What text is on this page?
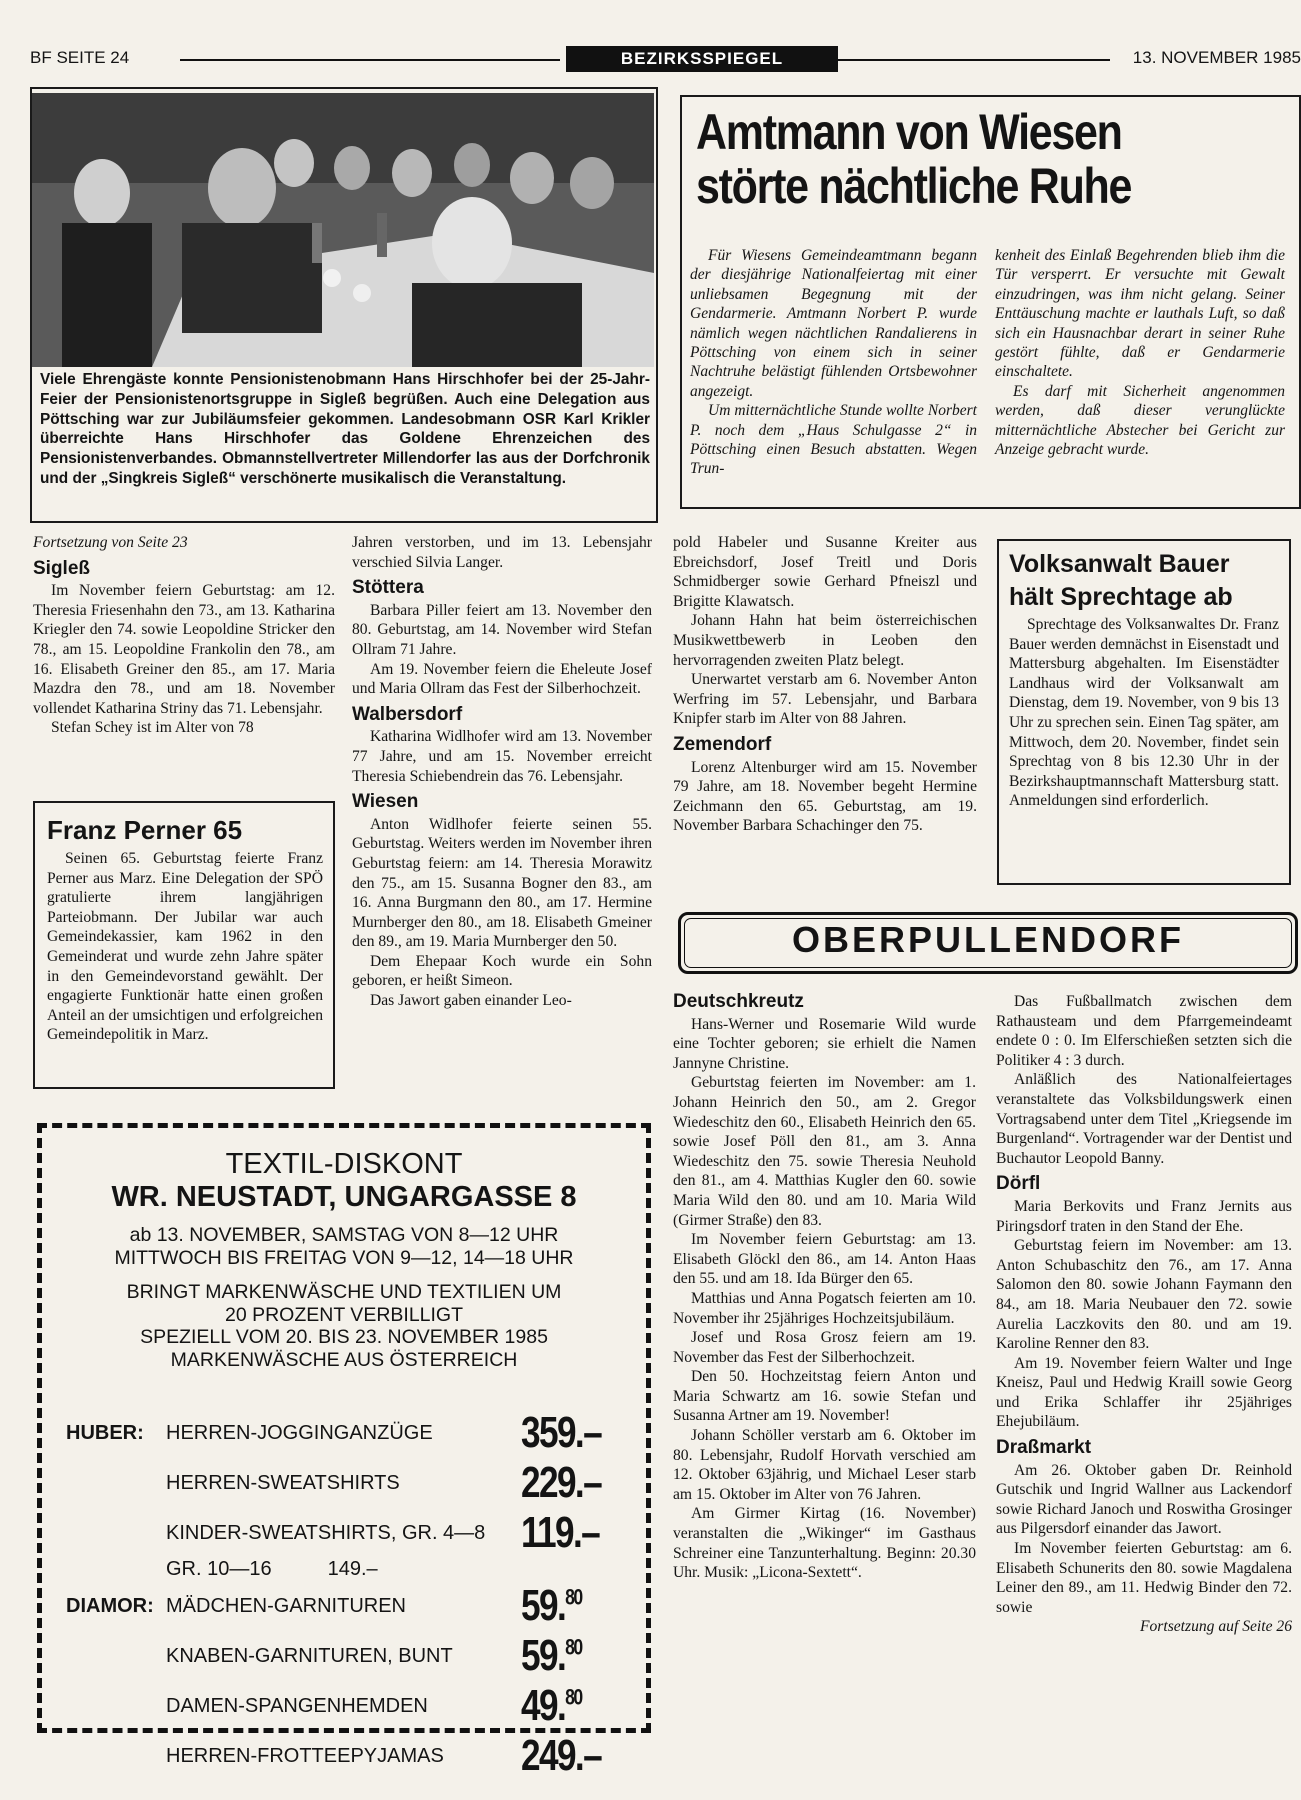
BF SEITE 24	BEZIRKSSPIEGEL	13. NOVEMBER 1985
Viele Ehrengäste konnte Pensionistenobmann Hans Hirschhofer bei der 25-Jahr-Feier der Pensionistenortsgruppe in Sigleß begrüßen. Auch eine Delegation aus Pöttsching war zur Jubiläumsfeier gekommen. Landesobmann OSR Karl Krikler überreichte Hans Hirschhofer das Goldene Ehrenzeichen des Pensionistenverbandes. Obmannstellvertreter Millendorfer las aus der Dorfchronik und der „Singkreis Sigleß“ verschönerte musikalisch die Veranstaltung.
Amtmann von Wiesen
störte nächtliche Ruhe

Für Wiesens Gemeindeamtmann begann der diesjährige Nationalfeiertag mit einer unliebsamen Begegnung mit der Gendarmerie. Amtmann Norbert P. wurde nämlich wegen nächtlichen Randalierens in Pöttsching von einem sich in seiner Nachtruhe belästigt fühlenden Ortsbewohner angezeigt.

Um mitternächtliche Stunde wollte Norbert P. noch dem „Haus Schulgasse 2“ in Pöttsching einen Besuch abstatten. Wegen Trun-

kenheit des Einlaß Begehrenden blieb ihm die Tür versperrt. Er versuchte mit Gewalt einzudringen, was ihm nicht gelang. Seiner Enttäuschung machte er lauthals Luft, so daß sich ein Hausnachbar derart in seiner Ruhe gestört fühlte, daß er Gendarmerie einschaltete.

Es darf mit Sicherheit angenommen werden, daß dieser verunglückte mitternächtliche Abstecher bei Gericht zur Anzeige gebracht wurde.

Fortsetzung von Seite 23

Sigleß

Im November feiern Geburtstag: am 12. Theresia Friesenhahn den 73., am 13. Katharina Kriegler den 74. sowie Leopoldine Stricker den 78., am 15. Leopoldine Frankolin den 78., am 16. Elisabeth Greiner den 85., am 17. Maria Mazdra den 78., und am 18. November vollendet Katharina Striny das 71. Lebensjahr.

Stefan Schey ist im Alter von 78

Franz Perner 65

Seinen 65. Geburtstag feierte Franz Perner aus Marz. Eine Delegation der SPÖ gratulierte ihrem langjährigen Parteiobmann. Der Jubilar war auch Gemeindekassier, kam 1962 in den Gemeinderat und wurde zehn Jahre später in den Gemeindevorstand gewählt. Der engagierte Funktionär hatte einen großen Anteil an der umsichtigen und erfolgreichen Gemeindepolitik in Marz.

Jahren verstorben, und im 13. Lebensjahr verschied Silvia Langer.

Stöttera

Barbara Piller feiert am 13. November den 80. Geburtstag, am 14. November wird Stefan Ollram 71 Jahre.

Am 19. November feiern die Eheleute Josef und Maria Ollram das Fest der Silberhochzeit.

Walbersdorf

Katharina Widlhofer wird am 13. November 77 Jahre, und am 15. November erreicht Theresia Schiebendrein das 76. Lebensjahr.

Wiesen

Anton Widlhofer feierte seinen 55. Geburtstag. Weiters werden im November ihren Geburtstag feiern: am 14. Theresia Morawitz den 75., am 15. Susanna Bogner den 83., am 16. Anna Burgmann den 80., am 17. Hermine Murnberger den 80., am 18. Elisabeth Gmeiner den 89., am 19. Maria Murnberger den 50.

Dem Ehepaar Koch wurde ein Sohn geboren, er heißt Simeon.

Das Jawort gaben einander Leo-

pold Habeler und Susanne Kreiter aus Ebreichsdorf, Josef Treitl und Doris Schmidberger sowie Gerhard Pfneiszl und Brigitte Klawatsch.

Johann Hahn hat beim österreichischen Musikwettbewerb in Leoben den hervorragenden zweiten Platz belegt.

Unerwartet verstarb am 6. November Anton Werfring im 57. Lebensjahr, und Barbara Knipfer starb im Alter von 88 Jahren.

Zemendorf

Lorenz Altenburger wird am 15. November 79 Jahre, am 18. November begeht Hermine Zeichmann den 65. Geburtstag, am 19. November Barbara Schachinger den 75.

Volksanwalt Bauer
hält Sprechtage ab

Sprechtage des Volksanwaltes Dr. Franz Bauer werden demnächst in Eisenstadt und Mattersburg abgehalten. Im Eisenstädter Landhaus wird der Volksanwalt am Dienstag, dem 19. November, von 9 bis 13 Uhr zu sprechen sein. Einen Tag später, am Mittwoch, dem 20. November, findet sein Sprechtag von 8 bis 12.30 Uhr in der Bezirkshauptmannschaft Mattersburg statt. Anmeldungen sind erforderlich.

OBERPULLENDORF
Deutschkreutz

Hans-Werner und Rosemarie Wild wurde eine Tochter geboren; sie erhielt die Namen Jannyne Christine.

Geburtstag feierten im November: am 1. Johann Heinrich den 50., am 2. Gregor Wiedeschitz den 60., Elisabeth Heinrich den 65. sowie Josef Pöll den 81., am 3. Anna Wiedeschitz den 75. sowie Theresia Neuhold den 81., am 4. Matthias Kugler den 60. sowie Maria Wild den 80. und am 10. Maria Wild (Girmer Straße) den 83.

Im November feiern Geburtstag: am 13. Elisabeth Glöckl den 86., am 14. Anton Haas den 55. und am 18. Ida Bürger den 65.

Matthias und Anna Pogatsch feierten am 10. November ihr 25jähriges Hochzeitsjubiläum.

Josef und Rosa Grosz feiern am 19. November das Fest der Silberhochzeit.

Den 50. Hochzeitstag feiern Anton und Maria Schwartz am 16. sowie Stefan und Susanna Artner am 19. November!

Johann Schöller verstarb am 6. Oktober im 80. Lebensjahr, Rudolf Horvath verschied am 12. Oktober 63jährig, und Michael Leser starb am 15. Oktober im Alter von 76 Jahren.

Am Girmer Kirtag (16. November) veranstalten die „Wikinger“ im Gasthaus Schreiner eine Tanzunterhaltung. Beginn: 20.30 Uhr. Musik: „Licona-Sextett“.

Das Fußballmatch zwischen dem Rathausteam und dem Pfarrgemeindeamt endete 0 : 0. Im Elferschießen setzten sich die Politiker 4 : 3 durch.

Anläßlich des Nationalfeiertages veranstaltete das Volksbildungswerk einen Vortragsabend unter dem Titel „Kriegsende im Burgenland“. Vortragender war der Dentist und Buchautor Leopold Banny.

Dörfl

Maria Berkovits und Franz Jernits aus Piringsdorf traten in den Stand der Ehe.

Geburtstag feiern im November: am 13. Anton Schubaschitz den 76., am 17. Anna Salomon den 80. sowie Johann Faymann den 84., am 18. Maria Neubauer den 72. sowie Aurelia Laczkovits den 80. und am 19. Karoline Renner den 83.

Am 19. November feiern Walter und Inge Kneisz, Paul und Hedwig Kraill sowie Georg und Erika Schlaffer ihr 25jähriges Ehejubiläum.

Draßmarkt

Am 26. Oktober gaben Dr. Reinhold Gutschik und Ingrid Wallner aus Lackendorf sowie Richard Janoch und Roswitha Grosinger aus Pilgersdorf einander das Jawort.

Im November feierten Geburtstag: am 6. Elisabeth Schunerits den 80. sowie Magdalena Leiner den 89., am 11. Hedwig Binder den 72. sowie

Fortsetzung auf Seite 26

TEXTIL-DISKONT
WR. NEUSTADT, UNGARGASSE 8
ab 13. NOVEMBER, SAMSTAG VON 8—12 UHR
MITTWOCH BIS FREITAG VON 9—12, 14—18 UHR
BRINGT MARKENWÄSCHE UND TEXTILIEN UM
20 PROZENT VERBILLIGT
SPEZIELL VOM 20. BIS 23. NOVEMBER 1985
MARKENWÄSCHE AUS ÖSTERREICH
HUBER:	HERREN-JOGGINGANZÜGE	359.–
	HERREN-SWEATSHIRTS	229.–
	KINDER-SWEATSHIRTS, GR. 4—8	119.–
	GR. 10—16 149.–	
DIAMOR:	MÄDCHEN-GARNITUREN	59.80
	KNABEN-GARNITUREN, BUNT	59.80
	DAMEN-SPANGENHEMDEN	49.80
	HERREN-FROTTEEPYJAMAS	249.–
